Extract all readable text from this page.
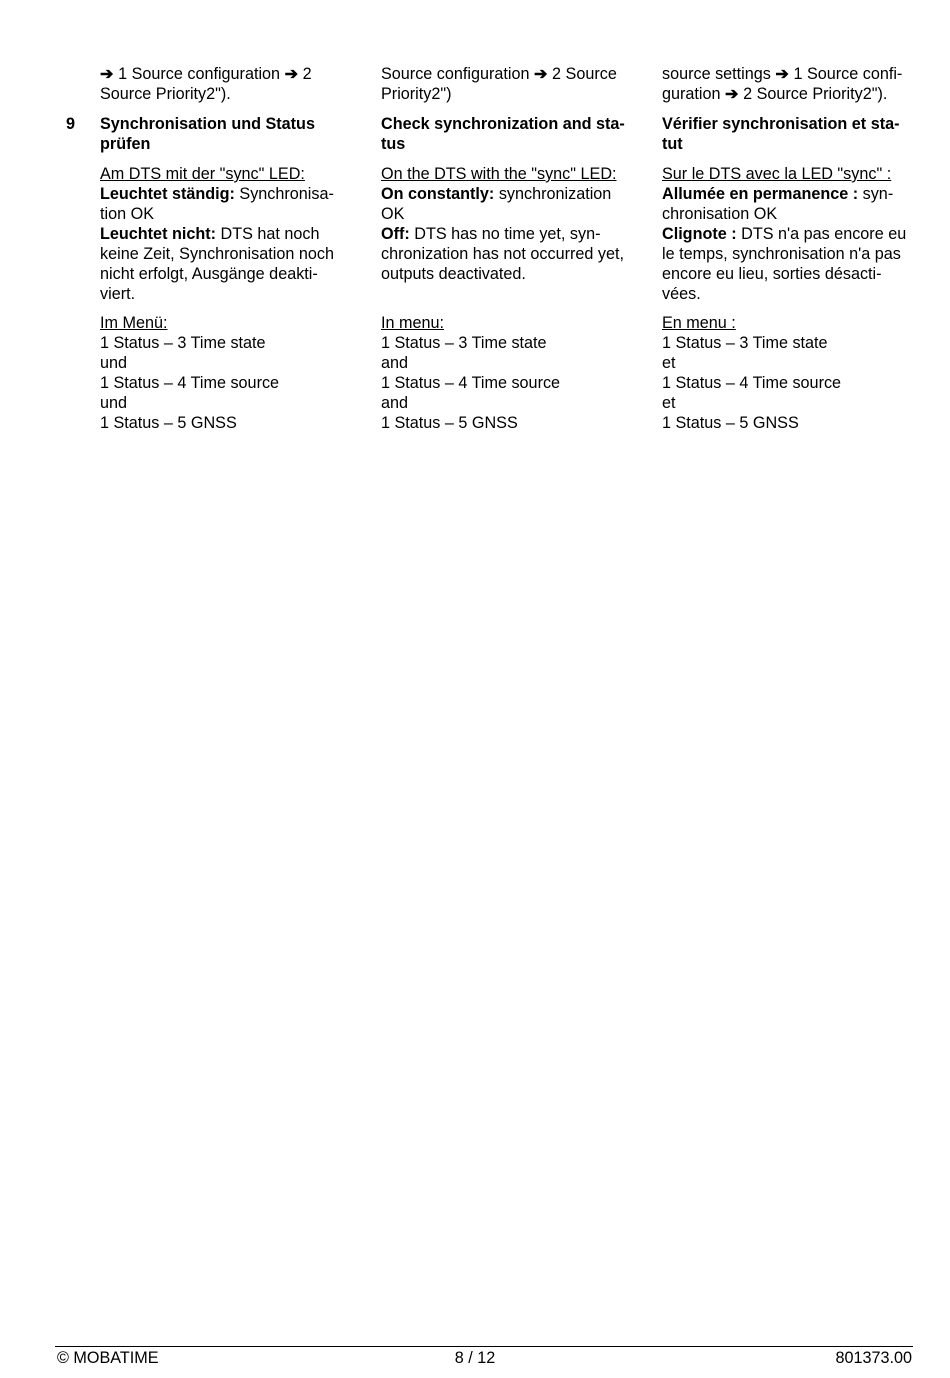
➔ 1 Source configuration ➔ 2

Source Priority2").

Source configuration ➔ 2 Source

Priority2")

source settings ➔ 1 Source confi-

guration ➔ 2 Source Priority2").

9 Synchronisation und Status

prüfen

Check synchronization and sta-

tus

Vérifier synchronisation et sta-

tut

Am DTS mit der "sync" LED:

Leuchtet ständig: Synchronisa-

tion OK

Leuchtet nicht: DTS hat noch

keine Zeit, Synchronisation noch

nicht erfolgt, Ausgänge deakti-

viert.

On the DTS with the "sync" LED:

On constantly: synchronization

OK

Off: DTS has no time yet, syn-

chronization has not occurred yet,

outputs deactivated.

Sur le DTS avec la LED "sync" :

Allumée en permanence : syn-

chronisation OK

Clignote : DTS n'a pas encore eu

le temps, synchronisation n'a pas

encore eu lieu, sorties désacti-

vées.

Im Menü:

1 Status – 3 Time state

und

1 Status – 4 Time source

und

1 Status – 5 GNSS

In menu:

1 Status – 3 Time state

and

1 Status – 4 Time source

and

1 Status – 5 GNSS

En menu :

1 Status – 3 Time state

et

1 Status – 4 Time source

et

1 Status – 5 GNSS

© MOBATIME	8 / 12	801373.00
